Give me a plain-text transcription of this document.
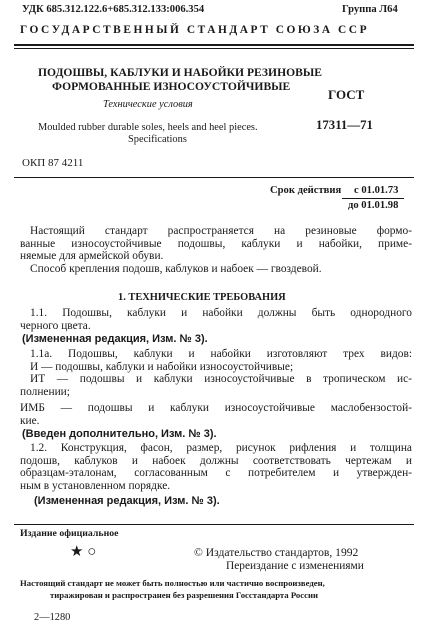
УДК 685.312.122.6+685.312.133:006.354	Группа Л64
ГОСУДАРСТВЕННЫЙ СТАНДАРТ СОЮЗА ССР
ПОДОШВЫ, КАБЛУКИ И НАБОЙКИ РЕЗИНОВЫЕ
ФОРМОВАННЫЕ ИЗНОСОУСТОЙЧИВЫЕ
Технические условия
Moulded rubber durable soles, heels and heel pieces.
Specifications
ГОСТ
17311—71
ОКП 87 4211
Срок действия с 01.01.73
до 01.01.98
Настоящий стандарт распространяется на резиновые формо-
ванные износоустойчивые подошвы, каблуки и набойки, приме-
няемые для армейской обуви.
Способ крепления подошв, каблуков и набоек — гвоздевой.
1. ТЕХНИЧЕСКИЕ ТРЕБОВАНИЯ
1.1. Подошвы, каблуки и набойки должны быть однородного
черного цвета.
(Измененная редакция, Изм. № 3).
1.1а. Подошвы, каблуки и набойки изготовляют трех видов:
И — подошвы, каблуки и набойки износоустойчивые;
ИТ — подошвы и каблуки износоустойчивые в тропическом ис-
полнении;
ИМБ — подошвы и каблуки износоустойчивые маслобензостой-
кие.
(Введен дополнительно, Изм. № 3).
1.2. Конструкция, фасон, размер, рисунок рифления и толщина
подошв, каблуков и набоек должны соответствовать чертежам и
образцам-эталонам, согласованным с потребителем и утвержден-
ным в установленном порядке.
(Измененная редакция, Изм. № 3).
Издание официальное
★ ○	© Издательство стандартов, 1992
Переиздание с изменениями
Настоящий стандарт не может быть полностью или частично воспроизведен,
тиражирован и распространен без разрешения Госстандарта России
2—1280
